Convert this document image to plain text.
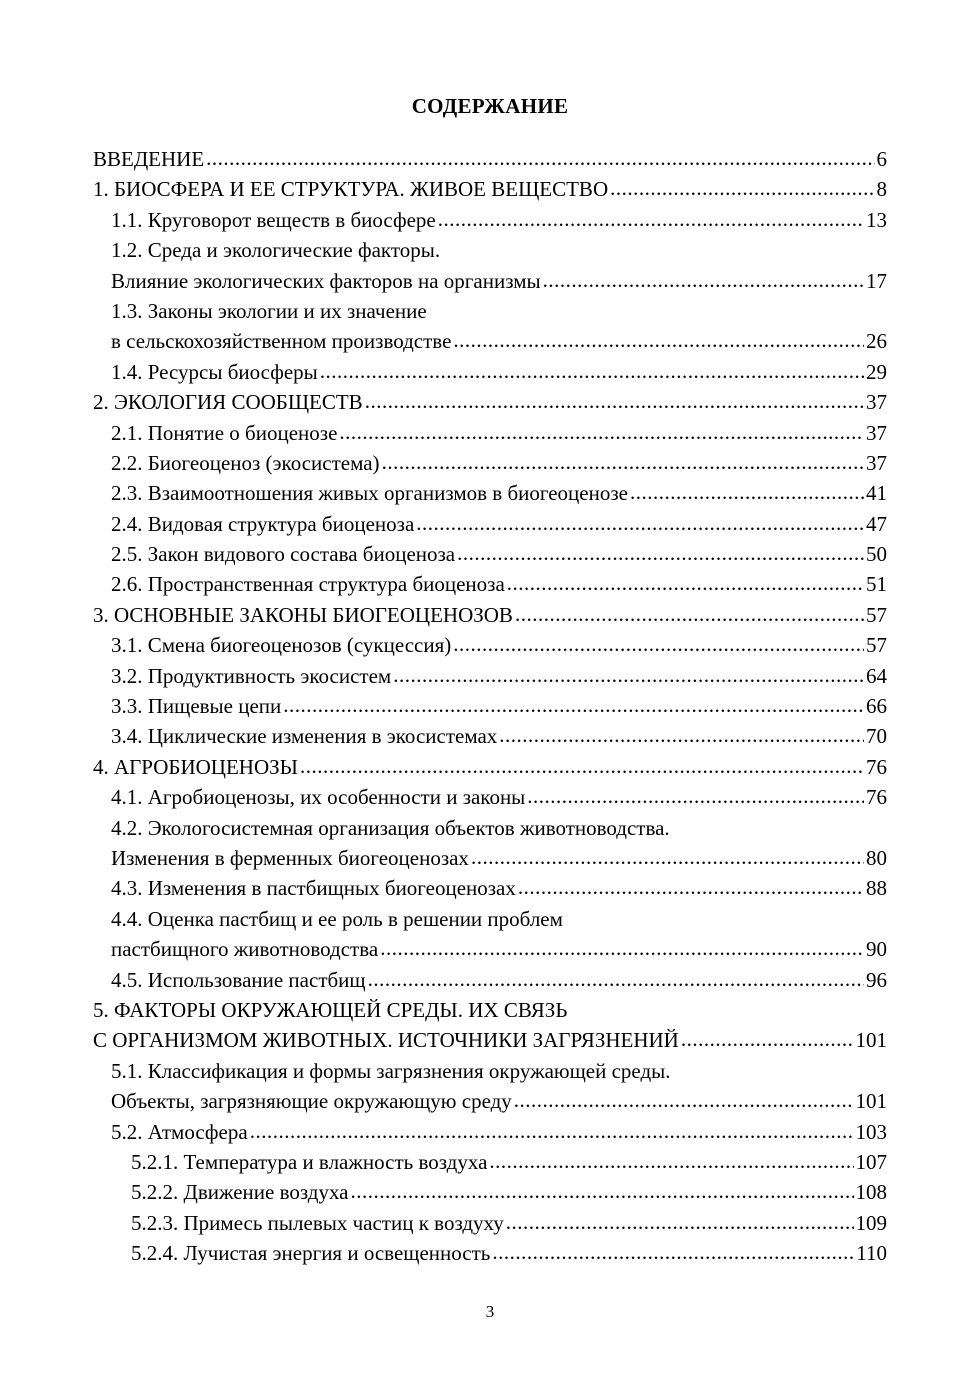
СОДЕРЖАНИЕ
ВВЕДЕНИЕ .....	6
1. БИОСФЕРА И ЕЕ СТРУКТУРА. ЖИВОЕ ВЕЩЕСТВО .....	8
1.1. Круговорот веществ в биосфере .....	13
1.2. Среда и экологические факторы.
Влияние экологических факторов на организмы .....	17
1.3. Законы экологии и их значение
в сельскохозяйственном производстве .....	26
1.4. Ресурсы биосферы .....	29
2. ЭКОЛОГИЯ СООБЩЕСТВ .....	37
2.1. Понятие о биоценозе .....	37
2.2. Биогеоценоз (экосистема) .....	37
2.3. Взаимоотношения живых организмов в биогеоценозе .....	41
2.4. Видовая структура биоценоза .....	47
2.5. Закон видового состава биоценоза .....	50
2.6. Пространственная структура биоценоза .....	51
3. ОСНОВНЫЕ ЗАКОНЫ БИОГЕОЦЕНОЗОВ .....	57
3.1. Смена биогеоценозов (сукцессия) .....	57
3.2. Продуктивность экосистем .....	64
3.3. Пищевые цепи .....	66
3.4. Циклические изменения в экосистемах .....	70
4. АГРОБИОЦЕНОЗЫ .....	76
4.1. Агробиоценозы, их особенности и законы .....	76
4.2. Экологосистемная организация объектов животноводства.
Изменения в ферменных биогеоценозах .....	80
4.3. Изменения в пастбищных биогеоценозах .....	88
4.4. Оценка пастбищ и ее роль в решении проблем
пастбищного животноводства .....	90
4.5. Использование пастбищ .....	96
5. ФАКТОРЫ ОКРУЖАЮЩЕЙ СРЕДЫ. ИХ СВЯЗЬ
С ОРГАНИЗМОМ ЖИВОТНЫХ. ИСТОЧНИКИ ЗАГРЯЗНЕНИЙ .....	101
5.1. Классификация и формы загрязнения окружающей среды.
Объекты, загрязняющие окружающую среду .....	101
5.2. Атмосфера .....	103
5.2.1. Температура и влажность воздуха .....	107
5.2.2. Движение воздуха .....	108
5.2.3. Примесь пылевых частиц к воздуху .....	109
5.2.4. Лучистая энергия и освещенность .....	110
3
